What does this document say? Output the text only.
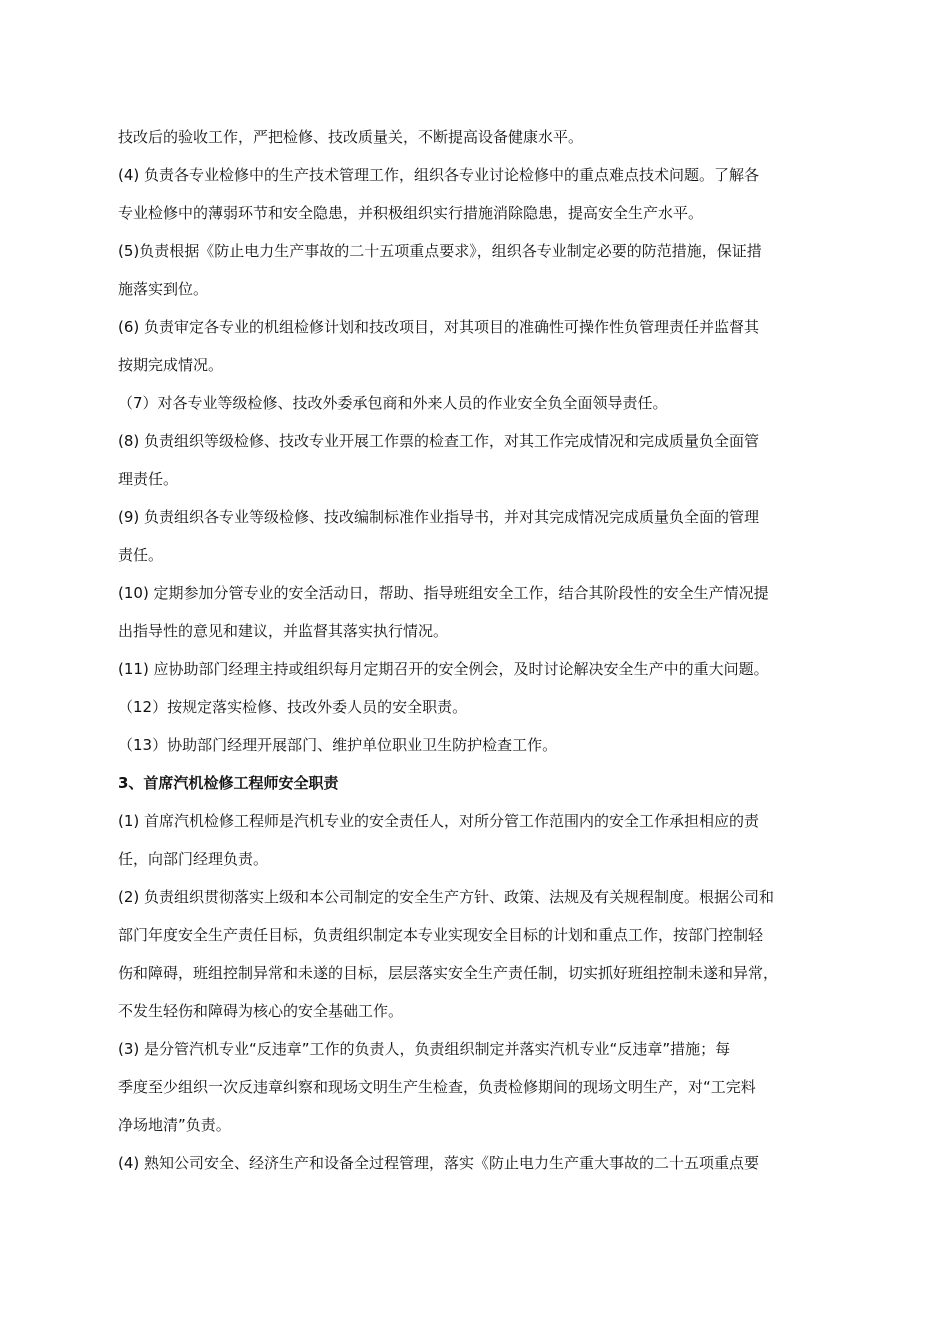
技改后的验收工作，严把检修、技改质量关，不断提高设备健康水平。
(4) 负责各专业检修中的生产技术管理工作，组织各专业讨论检修中的重点难点技术问题。了解各
专业检修中的薄弱环节和安全隐患，并积极组织实行措施消除隐患，提高安全生产水平。
(5)负责根据《防止电力生产事故的二十五项重点要求》，组织各专业制定必要的防范措施，保证措
施落实到位。
(6) 负责审定各专业的机组检修计划和技改项目，对其项目的准确性可操作性负管理责任并监督其
按期完成情况。
（7）对各专业等级检修、技改外委承包商和外来人员的作业安全负全面领导责任。
(8) 负责组织等级检修、技改专业开展工作票的检查工作，对其工作完成情况和完成质量负全面管
理责任。
(9) 负责组织各专业等级检修、技改编制标准作业指导书，并对其完成情况完成质量负全面的管理
责任。
(10) 定期参加分管专业的安全活动日，帮助、指导班组安全工作，结合其阶段性的安全生产情况提
出指导性的意见和建议，并监督其落实执行情况。
(11) 应协助部门经理主持或组织每月定期召开的安全例会，及时讨论解决安全生产中的重大问题。
（12）按规定落实检修、技改外委人员的安全职责。
（13）协助部门经理开展部门、维护单位职业卫生防护检查工作。
3、首席汽机检修工程师安全职责
(1) 首席汽机检修工程师是汽机专业的安全责任人，对所分管工作范围内的安全工作承担相应的责
任，向部门经理负责。
(2) 负责组织贯彻落实上级和本公司制定的安全生产方针、政策、法规及有关规程制度。根据公司和
部门年度安全生产责任目标，负责组织制定本专业实现安全目标的计划和重点工作，按部门控制轻
伤和障碍，班组控制异常和未遂的目标，层层落实安全生产责任制，切实抓好班组控制未遂和异常，
不发生轻伤和障碍为核心的安全基础工作。
(3) 是分管汽机专业“反违章”工作的负责人，负责组织制定并落实汽机专业“反违章”措施；每
季度至少组织一次反违章纠察和现场文明生产生检查，负责检修期间的现场文明生产，对“工完料
净场地清”负责。
(4) 熟知公司安全、经济生产和设备全过程管理，落实《防止电力生产重大事故的二十五项重点要
